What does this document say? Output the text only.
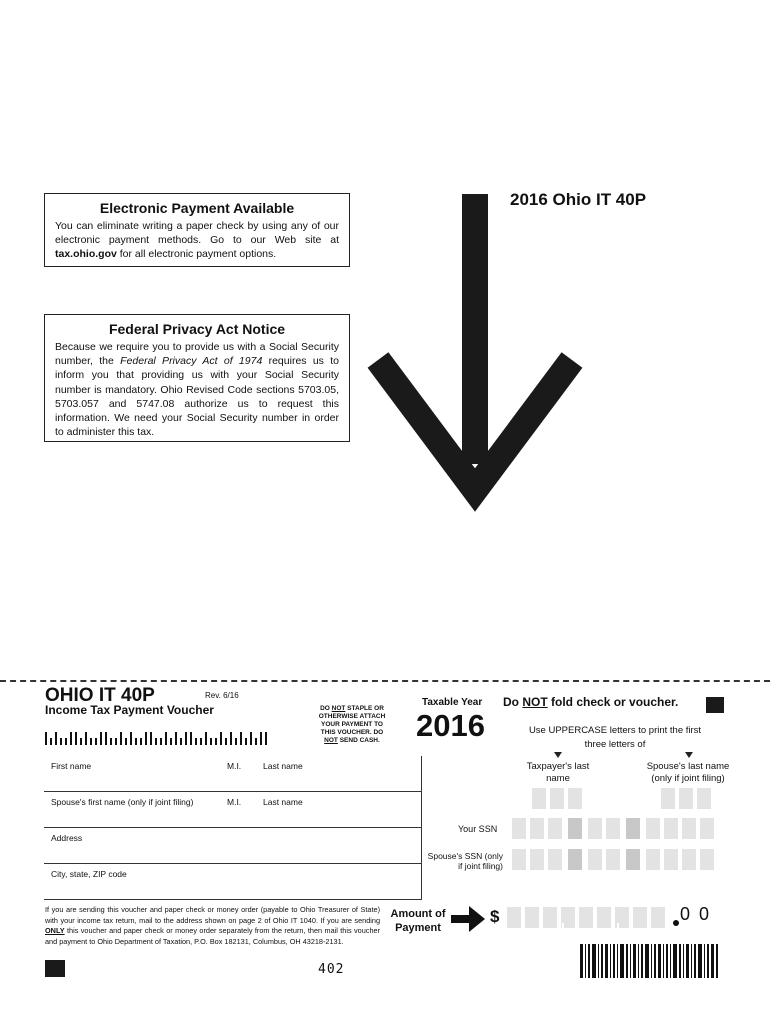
2016 Ohio IT 40P
Electronic Payment Available
You can eliminate writing a paper check by using any of our electronic payment methods. Go to our Web site at tax.ohio.gov for all electronic payment options.
Federal Privacy Act Notice
Because we require you to provide us with a Social Security number, the Federal Privacy Act of 1974 requires us to inform you that providing us with your Social Security number is mandatory. Ohio Revised Code sections 5703.05, 5703.057 and 5747.08 authorize us to request this information. We need your Social Security number in order to administer this tax.
OHIO IT 40P	Rev. 6/16
Income Tax Payment Voucher	DO NOT STAPLE OR OTHERWISE ATTACH YOUR PAYMENT TO THIS VOUCHER. DO NOT SEND CASH.
Taxable Year
2016
Do NOT fold check or voucher.
Use UPPERCASE letters to print the first three letters of
Taxpayer's last name
Spouse's last name (only if joint filing)
First name	M.I.	Last name
Spouse's first name (only if joint filing)	M.I.	Last name
Address
City, state, ZIP code
Your SSN
Spouse's SSN (only if joint filing)
If you are sending this voucher and paper check or money order (payable to Ohio Treasurer of State) with your income tax return, mail to the address shown on page 2 of Ohio IT 1040. If you are sending ONLY this voucher and paper check or money order separately from the return, then mail this voucher and payment to Ohio Department of Taxation, P.O. Box 182131, Columbus, OH 43218-2131.
Amount of Payment
$	0 0
402
